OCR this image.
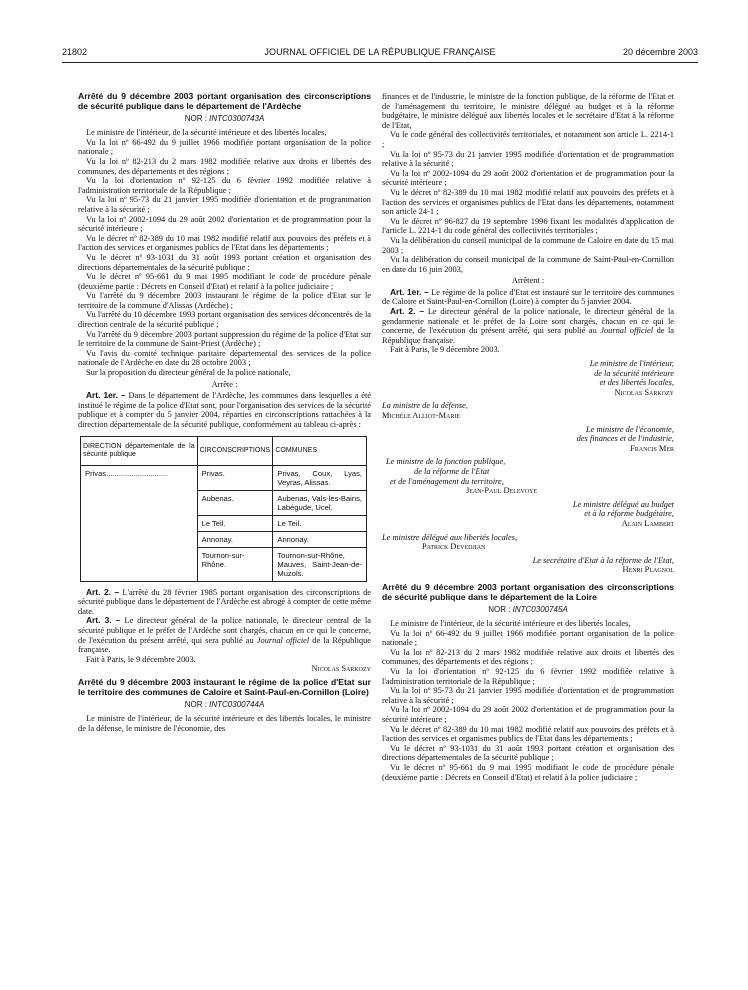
21802	JOURNAL OFFICIEL DE LA RÉPUBLIQUE FRANÇAISE	20 décembre 2003

Arrêté du 9 décembre 2003 portant organisation des circonscriptions de sécurité publique dans le département de l'Ardèche

NOR : INTC0300743A

Le ministre de l'intérieur, de la sécurité intérieure et des libertés locales,

Vu la loi nº 66-492 du 9 juillet 1966 modifiée portant organisation de la police nationale ;

Vu la loi nº 82-213 du 2 mars 1982 modifiée relative aux droits et libertés des communes, des départements et des régions ;

Vu la loi d'orientation nº 92-125 du 6 février 1992 modifiée relative à l'administration territoriale de la République ;

Vu la loi nº 95-73 du 21 janvier 1995 modifiée d'orientation et de programmation relative à la sécurité ;

Vu la loi nº 2002-1094 du 29 août 2002 d'orientation et de programmation pour la sécurité intérieure ;

Vu le décret nº 82-389 du 10 mai 1982 modifié relatif aux pouvoirs des préfets et à l'action des services et organismes publics de l'Etat dans les départements ;

Vu le décret nº 93-1031 du 31 août 1993 portant création et organisation des directions départementales de la sécurité publique ;

Vu le décret nº 95-661 du 9 mai 1995 modifiant le code de procédure pénale (deuxième partie : Décrets en Conseil d'Etat) et relatif à la police judiciaire ;

Vu l'arrêté du 9 décembre 2003 instaurant le régime de la police d'Etat sur le territoire de la commune d'Alissas (Ardèche) ;

Vu l'arrêté du 10 décembre 1993 portant organisation des services déconcentrés de la direction centrale de la sécurité publique ;

Vu l'arrêté du 9 décembre 2003 portant suppression du régime de la police d'Etat sur le territoire de la commune de Saint-Priest (Ardèche) ;

Vu l'avis du comité technique paritaire départemental des services de la police nationale de l'Ardèche en date du 28 octobre 2003 ;

Sur la proposition du directeur général de la police nationale,

Arrête :

Art. 1er. – Dans le département de l'Ardèche, les communes dans lesquelles a été institué le régime de la police d'Etat sont, pour l'organisation des services de la sécurité publique et à compter du 5 janvier 2004, réparties en circonscriptions rattachées à la direction départementale de la sécurité publique, conformément au tableau ci-après :

DIRECTION départementale de la sécurité publique	CIRCONSCRIPTIONS	COMMUNES
Privas.............................	Privas.	Privas, Coux, Lyas, Veyras, Alissas.
	Aubenas.	Aubenas, Vals-les-Bains, Labégude, Ucel.
	Le Teil.	Le Teil.
	Annonay.	Annonay.
	Tournon-sur-Rhône.	Tournon-sur-Rhône, Mauves, Saint-Jean-de-Muzols.

Art. 2. – L'arrêté du 28 février 1985 portant organisation des circonscriptions de sécurité publique dans le département de l'Ardèche est abrogé à compter de cette même date.

Art. 3. – Le directeur général de la police nationale, le directeur central de la sécurité publique et le préfet de l'Ardèche sont chargés, chacun en ce qui le concerne, de l'exécution du présent arrêté, qui sera publié au Journal officiel de la République française.

Fait à Paris, le 9 décembre 2003.

Nicolas Sarkozy

Arrêté du 9 décembre 2003 instaurant le régime de la police d'Etat sur le territoire des communes de Caloire et Saint-Paul-en-Cornillon (Loire)

NOR : INTC0300744A

Le ministre de l'intérieur, de la sécurité intérieure et des libertés locales, le ministre de la défense, le ministre de l'économie, des

finances et de l'industrie, le ministre de la fonction publique, de la réforme de l'Etat et de l'aménagement du territoire, le ministre délégué au budget et à la réforme budgétaire, le ministre délégué aux libertés locales et le secrétaire d'Etat à la réforme de l'Etat,

Vu le code général des collectivités territoriales, et notamment son article L. 2214-1 ;

Vu la loi nº 95-73 du 21 janvier 1995 modifiée d'orientation et de programmation relative à la sécurité ;

Vu la loi nº 2002-1094 du 29 août 2002 d'orientation et de programmation pour la sécurité intérieure ;

Vu le décret nº 82-389 du 10 mai 1982 modifié relatif aux pouvoirs des préfets et à l'action des services et organismes publics de l'Etat dans les départements, notamment son article 24-1 ;

Vu le décret nº 96-827 du 19 septembre 1996 fixant les modalités d'application de l'article L. 2214-1 du code général des collectivités territoriales ;

Vu la délibération du conseil municipal de la commune de Caloire en date du 15 mai 2003 ;

Vu la délibération du conseil municipal de la commune de Saint-Paul-en-Cornillon en date du 16 juin 2003,

Arrêtent :

Art. 1er. – Le régime de la police d'Etat est instauré sur le territoire des communes de Caloire et Saint-Paul-en-Cornillon (Loire) à compter du 5 janvier 2004.

Art. 2. – Le directeur général de la police nationale, le directeur général de la gendarmerie nationale et le préfet de la Loire sont chargés, chacun en ce qui le concerne, de l'exécution du présent arrêté, qui sera publié au Journal officiel de la République française.

Fait à Paris, le 9 décembre 2003.

Le ministre de l'intérieur,
de la sécurité intérieure
et des libertés locales,
Nicolas Sarkozy
La ministre de la défense,
Michèle Alliot-Marie
Le ministre de l'économie,
des finances et de l'industrie,
Francis Mer
Le ministre de la fonction publique,
de la réforme de l'Etat
et de l'aménagement du territoire,
Jean-Paul Delevoye
Le ministre délégué au budget
et à la réforme budgétaire,
Alain Lambert
Le ministre délégué aux libertés locales,
Patrick Devedjian
Le secrétaire d'Etat à la réforme de l'Etat,
Henri Plagnol

Arrêté du 9 décembre 2003 portant organisation des circonscriptions de sécurité publique dans le département de la Loire

NOR : INTC0300745A

Le ministre de l'intérieur, de la sécurité intérieure et des libertés locales,

Vu la loi nº 66-492 du 9 juillet 1966 modifiée portant organisation de la police nationale ;

Vu la loi nº 82-213 du 2 mars 1982 modifiée relative aux droits et libertés des communes, des départements et des régions ;

Vu la loi d'orientation nº 92-125 du 6 février 1992 modifiée relative à l'administration territoriale de la République ;

Vu la loi nº 95-73 du 21 janvier 1995 modifiée d'orientation et de programmation relative à la sécurité ;

Vu la loi nº 2002-1094 du 29 août 2002 d'orientation et de programmation pour la sécurité intérieure ;

Vu le décret nº 82-389 du 10 mai 1982 modifié relatif aux pouvoirs des préfets et à l'action des services et organismes publics de l'Etat dans les départements ;

Vu le décret nº 93-1031 du 31 août 1993 portant création et organisation des directions départementales de la sécurité publique ;

Vu le décret nº 95-661 du 9 mai 1995 modifiant le code de procédure pénale (deuxième partie : Décrets en Conseil d'Etat) et relatif à la police judiciaire ;
